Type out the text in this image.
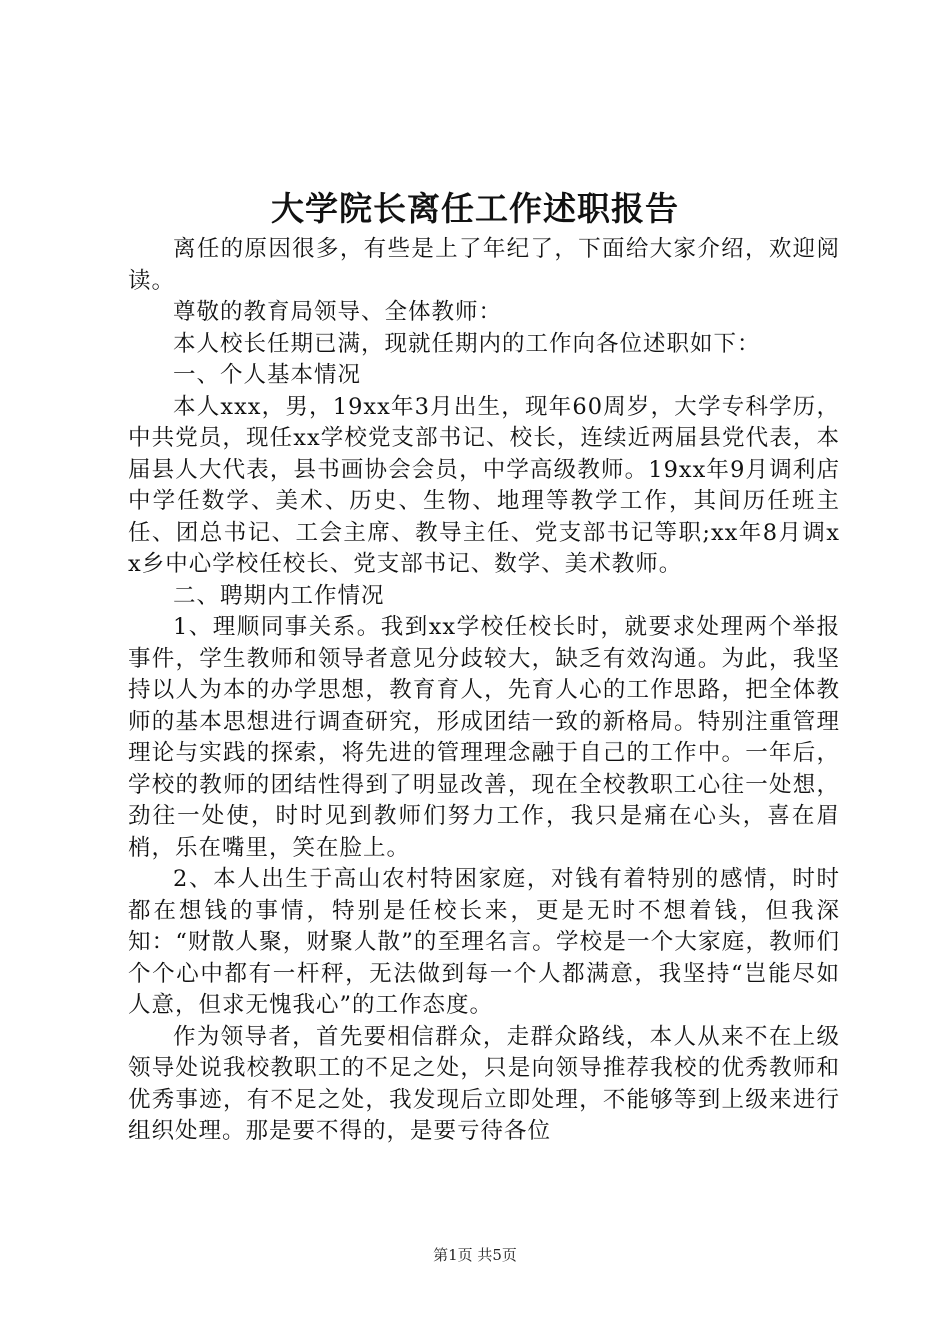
大学院长离任工作述职报告

离任的原因很多，有些是上了年纪了，下面给大家介绍，欢迎阅读。

尊敬的教育局领导、全体教师：

本人校长任期已满，现就任期内的工作向各位述职如下：

一、个人基本情况

本人xxx，男，19xx年3月出生，现年60周岁，大学专科学历，中共党员，现任xx学校党支部书记、校长，连续近两届县党代表，本届县人大代表，县书画协会会员，中学高级教师。19xx年9月调利店中学任数学、美术、历史、生物、地理等教学工作，其间历任班主任、团总书记、工会主席、教导主任、党支部书记等职;xx年8月调xx乡中心学校任校长、党支部书记、数学、美术教师。

二、聘期内工作情况

1、理顺同事关系。我到xx学校任校长时，就要求处理两个举报事件，学生教师和领导者意见分歧较大，缺乏有效沟通。为此，我坚持以人为本的办学思想，教育育人，先育人心的工作思路，把全体教师的基本思想进行调查研究，形成团结一致的新格局。特别注重管理理论与实践的探索，将先进的管理理念融于自己的工作中。一年后，学校的教师的团结性得到了明显改善，现在全校教职工心往一处想，劲往一处使，时时见到教师们努力工作，我只是痛在心头，喜在眉梢，乐在嘴里，笑在脸上。

2、本人出生于高山农村特困家庭，对钱有着特别的感情，时时都在想钱的事情，特别是任校长来，更是无时不想着钱，但我深知：“财散人聚，财聚人散”的至理名言。学校是一个大家庭，教师们个个心中都有一杆秤，无法做到每一个人都满意，我坚持“岂能尽如人意，但求无愧我心”的工作态度。

作为领导者，首先要相信群众，走群众路线，本人从来不在上级领导处说我校教职工的不足之处，只是向领导推荐我校的优秀教师和优秀事迹，有不足之处，我发现后立即处理，不能够等到上级来进行组织处理。那是要不得的，是要亏待各位

第1页 共5页
